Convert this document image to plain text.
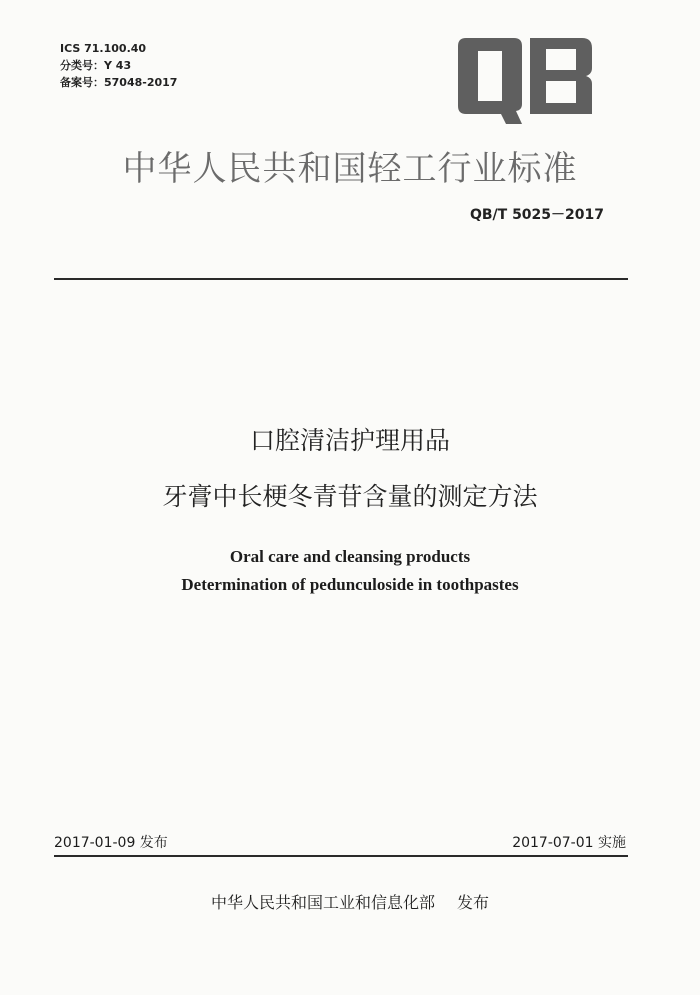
ICS 71.100.40
分类号：Y 43
备案号：57048-2017
中华人民共和国轻工行业标准
QB/T 5025－2017
口腔清洁护理用品
牙膏中长梗冬青苷含量的测定方法
Oral care and cleansing products
Determination of pedunculoside in toothpastes
2017-01-09 发布	2017-07-01 实施
中华人民共和国工业和信息化部 发布
